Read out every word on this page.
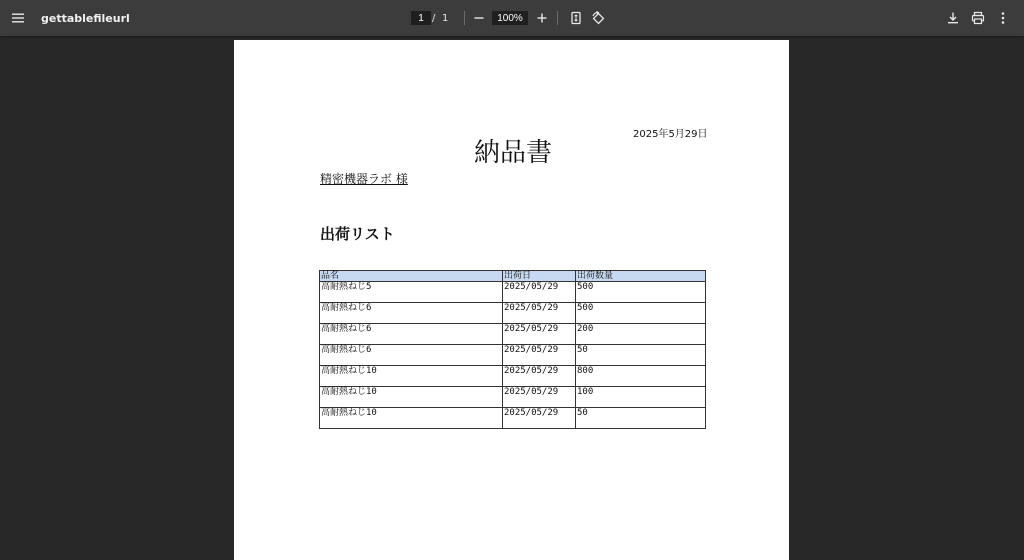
gettablefileurl
1	/ 1
100%
2025年5月29日
納品書
精密機器ラボ 様
出荷リスト
品名	出荷日	出荷数量
高耐熱ねじ5	2025/05/29	500
高耐熱ねじ6	2025/05/29	500
高耐熱ねじ6	2025/05/29	200
高耐熱ねじ6	2025/05/29	50
高耐熱ねじ10	2025/05/29	800
高耐熱ねじ10	2025/05/29	100
高耐熱ねじ10	2025/05/29	50
